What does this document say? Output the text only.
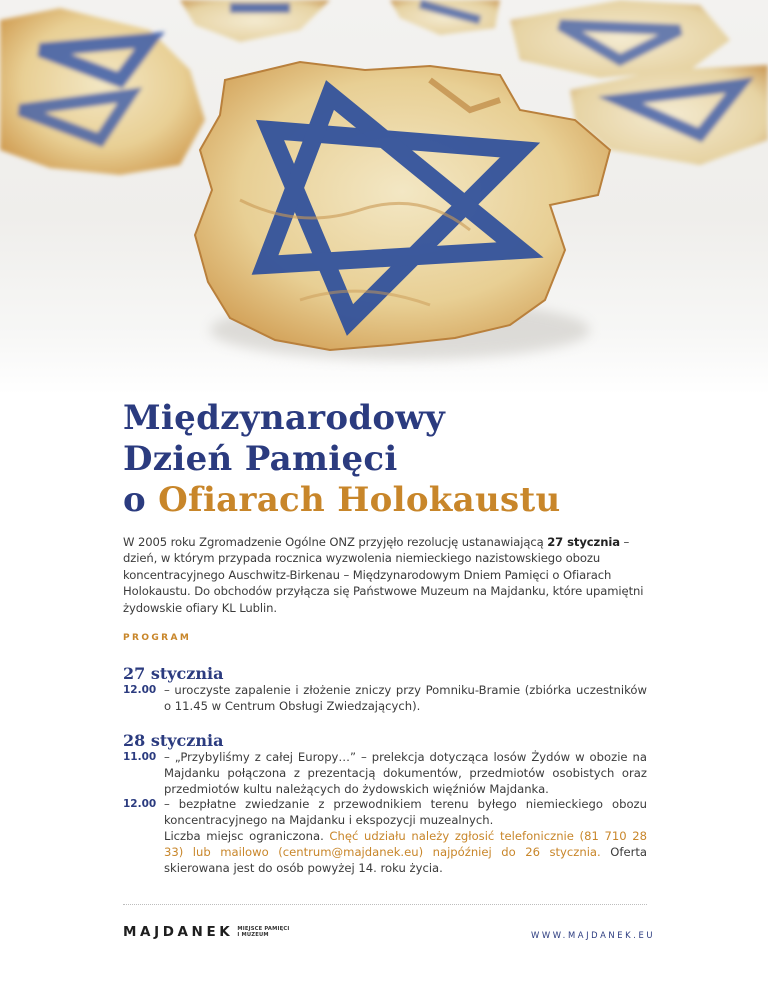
Międzynarodowy
Dzień Pamięci
o Ofiarach Holokaustu

W 2005 roku Zgromadzenie Ogólne ONZ przyjęło rezolucję ustanawiającą 27 stycznia – dzień, w którym przypada rocznica wyzwolenia niemieckiego nazistowskiego obozu koncentracyjnego Auschwitz-Birkenau – Międzynarodowym Dniem Pamięci o Ofiarach Holokaustu. Do obchodów przyłącza się Państwowe Muzeum na Majdanku, które upamiętni żydowskie ofiary KL Lublin.

PROGRAM
27 stycznia
12.00 – uroczyste zapalenie i złożenie zniczy przy Pomniku-Bramie (zbiórka uczestników o 11.45 w Centrum Obsługi Zwiedzających).
28 stycznia
11.00 – „Przybyliśmy z całej Europy…” – prelekcja dotycząca losów Żydów w obozie na Majdanku połączona z prezentacją dokumentów, przedmiotów osobistych oraz przedmiotów kultu należących do żydowskich więźniów Majdanka.
12.00 – bezpłatne zwiedzanie z przewodnikiem terenu byłego niemieckiego obozu koncentracyjnego na Majdanku i ekspozycji muzealnych.
Liczba miejsc ograniczona. Chęć udziału należy zgłosić telefonicznie (81 710 28 33) lub mailowo (centrum@majdanek.eu) najpóźniej do 26 stycznia. Oferta skierowana jest do osób powyżej 14. roku życia.
MAJDANEK MIEJSCE PAMIĘCI
I MUZEUM	WWW.MAJDANEK.EU
